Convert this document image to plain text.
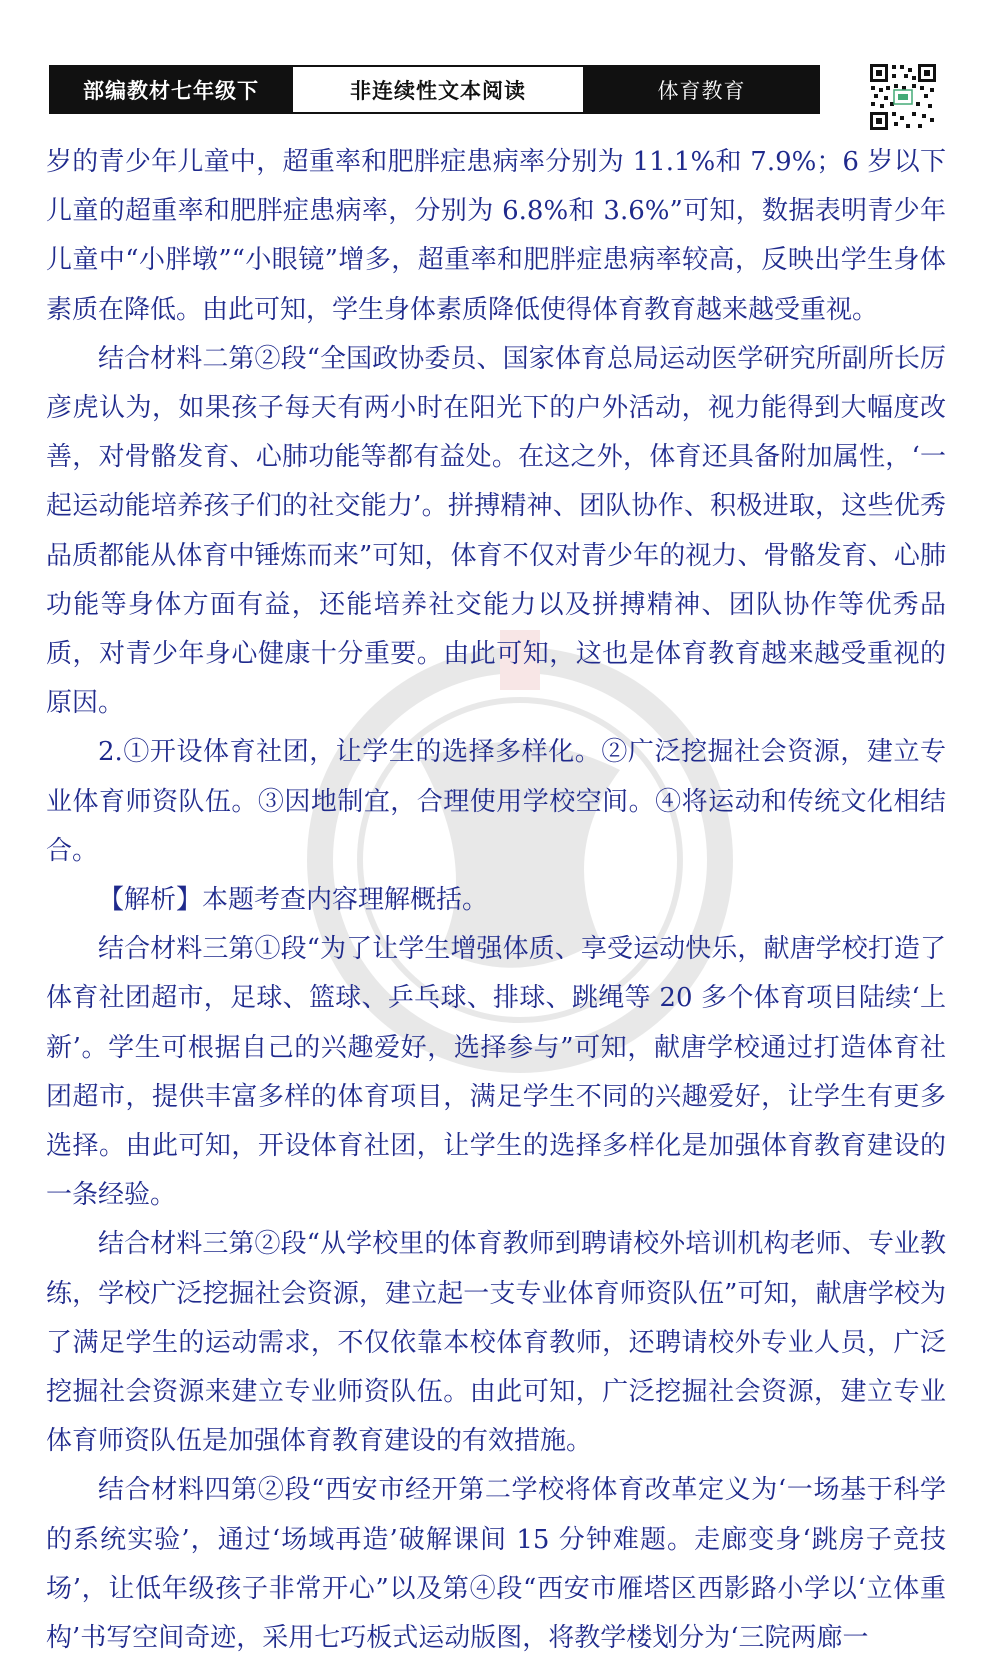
部编教材七年级下	非连续性文本阅读	体育教育

岁的青少年儿童中，超重率和肥胖症患病率分别为 11.1%和 7.9%；6 岁以下儿童的超重率和肥胖症患病率，分别为 6.8%和 3.6%”可知，数据表明青少年儿童中“小胖墩”“小眼镜”增多，超重率和肥胖症患病率较高，反映出学生身体素质在降低。由此可知，学生身体素质降低使得体育教育越来越受重视。

结合材料二第②段“全国政协委员、国家体育总局运动医学研究所副所长厉彦虎认为，如果孩子每天有两小时在阳光下的户外活动，视力能得到大幅度改善，对骨骼发育、心肺功能等都有益处。在这之外，体育还具备附加属性，‘一起运动能培养孩子们的社交能力’。拼搏精神、团队协作、积极进取，这些优秀品质都能从体育中锤炼而来”可知，体育不仅对青少年的视力、骨骼发育、心肺功能等身体方面有益，还能培养社交能力以及拼搏精神、团队协作等优秀品质，对青少年身心健康十分重要。由此可知，这也是体育教育越来越受重视的原因。

2.①开设体育社团，让学生的选择多样化。②广泛挖掘社会资源，建立专业体育师资队伍。③因地制宜，合理使用学校空间。④将运动和传统文化相结合。

【解析】本题考查内容理解概括。

结合材料三第①段“为了让学生增强体质、享受运动快乐，献唐学校打造了体育社团超市，足球、篮球、乒乓球、排球、跳绳等 20 多个体育项目陆续‘上新’。学生可根据自己的兴趣爱好，选择参与”可知，献唐学校通过打造体育社团超市，提供丰富多样的体育项目，满足学生不同的兴趣爱好，让学生有更多选择。由此可知，开设体育社团，让学生的选择多样化是加强体育教育建设的一条经验。

结合材料三第②段“从学校里的体育教师到聘请校外培训机构老师、专业教练，学校广泛挖掘社会资源，建立起一支专业体育师资队伍”可知，献唐学校为了满足学生的运动需求，不仅依靠本校体育教师，还聘请校外专业人员，广泛挖掘社会资源来建立专业师资队伍。由此可知，广泛挖掘社会资源，建立专业体育师资队伍是加强体育教育建设的有效措施。

结合材料四第②段“西安市经开第二学校将体育改革定义为‘一场基于科学的系统实验’，通过‘场域再造’破解课间 15 分钟难题。走廊变身‘跳房子竞技场’，让低年级孩子非常开心”以及第④段“西安市雁塔区西影路小学以‘立体重构’书写空间奇迹，采用七巧板式运动版图，将教学楼划分为‘三院两廊一
